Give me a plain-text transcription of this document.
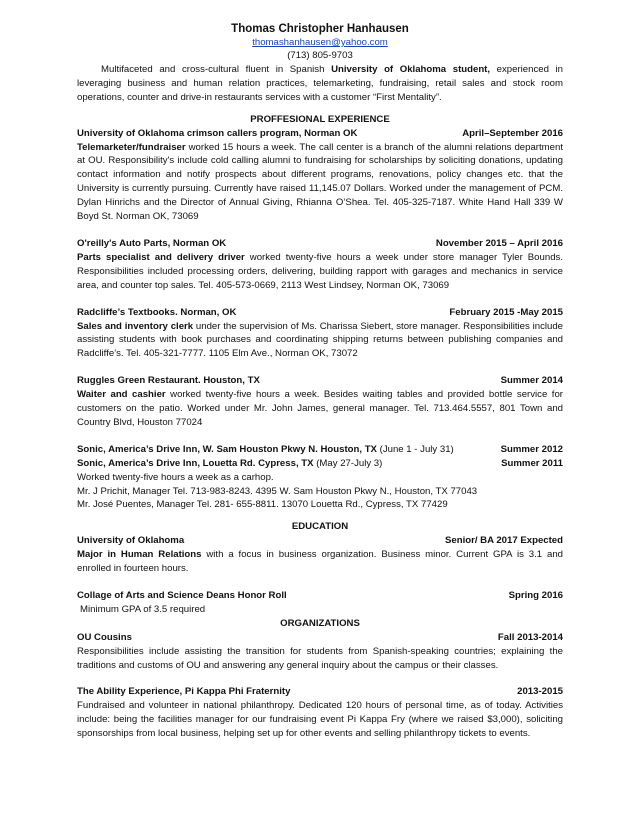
Thomas Christopher Hanhausen
thomashanhausen@yahoo.com
(713) 805-9703
Multifaceted and cross-cultural fluent in Spanish University of Oklahoma student, experienced in leveraging business and human relation practices, telemarketing, fundraising, retail sales and stock room operations, counter and drive-in restaurants services with a customer “First Mentality”.
PROFFESIONAL EXPERIENCE
University of Oklahoma crimson callers program, Norman OK	April–September 2016
Telemarketer/fundraiser worked 15 hours a week. The call center is a branch of the alumni relations department at OU. Responsibility's include cold calling alumni to fundraising for scholarships by soliciting donations, updating contact information and notify prospects about different programs, renovations, policy changes etc. that the University is currently pursuing. Currently have raised 11,145.07 Dollars. Worked under the management of PCM. Dylan Hinrichs and the Director of Annual Giving, Rhianna O’Shea. Tel. 405-325-7187. White Hand Hall 339 W Boyd St. Norman OK, 73069
O'reilly's Auto Parts, Norman OK	November 2015 – April 2016
Parts specialist and delivery driver worked twenty-five hours a week under store manager Tyler Bounds. Responsibilities included processing orders, delivering, building rapport with garages and mechanics in service area, and counter top sales. Tel. 405-573-0669, 2113 West Lindsey, Norman OK, 73069
Radcliffe’s Textbooks. Norman, OK	February 2015 -May 2015
Sales and inventory clerk under the supervision of Ms. Charissa Siebert, store manager. Responsibilities include assisting students with book purchases and coordinating shipping returns between publishing companies and Radcliffe’s. Tel. 405-321-7777. 1105 Elm Ave., Norman OK, 73072
Ruggles Green Restaurant. Houston, TX	Summer 2014
Waiter and cashier worked twenty-five hours a week. Besides waiting tables and provided bottle service for customers on the patio. Worked under Mr. John James, general manager. Tel. 713.464.5557, 801 Town and Country Blvd, Houston 77024
Sonic, America’s Drive Inn, W. Sam Houston Pkwy N. Houston, TX (June 1 - July 31)	Summer 2012
Sonic, America’s Drive Inn, Louetta Rd. Cypress, TX (May 27-July 3)	Summer 2011
Worked twenty-five hours a week as a carhop.
Mr. J Prichit, Manager Tel. 713-983-8243. 4395 W. Sam Houston Pkwy N., Houston, TX 77043
Mr. José Puentes, Manager Tel. 281- 655-8811. 13070 Louetta Rd., Cypress, TX 77429
EDUCATION
University of Oklahoma	Senior/ BA 2017 Expected
Major in Human Relations with a focus in business organization. Business minor. Current GPA is 3.1 and enrolled in fourteen hours.
Collage of Arts and Science Deans Honor Roll	Spring 2016
Minimum GPA of 3.5 required
ORGANIZATIONS
OU Cousins	Fall 2013-2014
Responsibilities include assisting the transition for students from Spanish-speaking countries; explaining the traditions and customs of OU and answering any general inquiry about the campus or their classes.
The Ability Experience, Pi Kappa Phi Fraternity	2013-2015
Fundraised and volunteer in national philanthropy. Dedicated 120 hours of personal time, as of today. Activities include: being the facilities manager for our fundraising event Pi Kappa Fry (where we raised $3,000), soliciting sponsorships from local business, helping set up for other events and selling philanthropy tickets to events.
